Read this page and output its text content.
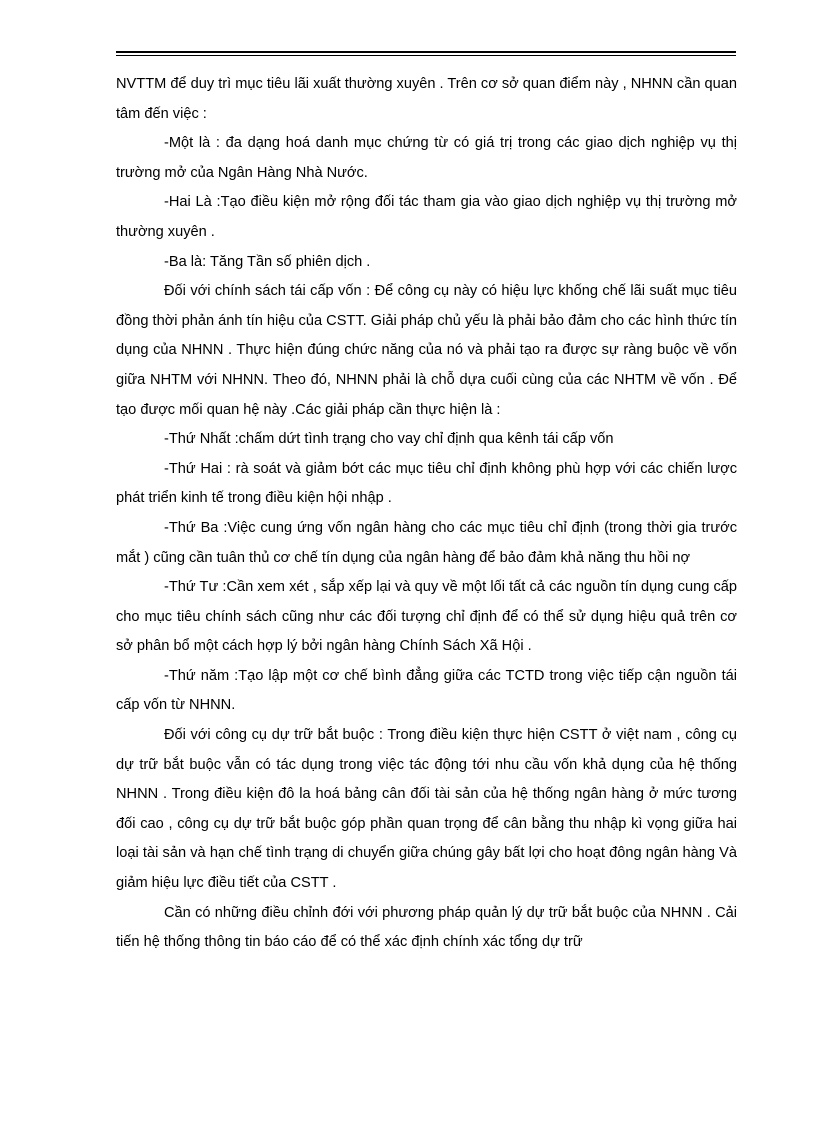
NVTTM để duy trì mục tiêu lãi xuất thường xuyên . Trên cơ sở quan điểm này , NHNN cần quan tâm đến việc :

-Một là : đa dạng hoá danh mục chứng từ có giá trị trong các giao dịch nghiệp vụ thị trường mở của Ngân Hàng Nhà Nước.

-Hai Là :Tạo điều kiện mở rộng đối tác tham gia vào giao dịch nghiệp vụ thị trường mở thường xuyên .

-Ba là: Tăng Tần số phiên dịch .

Đối với chính sách tái cấp vốn : Để công cụ này có hiệu lực khống chế lãi suất mục tiêu đồng thời phản ánh tín hiệu của CSTT. Giải pháp chủ yếu là phải bảo đảm cho các hình thức tín dụng của NHNN . Thực hiện đúng chức năng của nó và phải tạo ra được sự ràng buộc về vốn giữa NHTM với NHNN. Theo đó, NHNN phải là chỗ dựa cuối cùng của các NHTM về vốn . Để tạo được mối quan hệ này .Các giải pháp cần thực hiện là :

-Thứ Nhất :chấm dứt tình trạng cho vay chỉ định qua kênh tái cấp vốn

-Thứ Hai : rà soát và giảm bớt các mục tiêu chỉ định không phù hợp với các chiến lược phát triển kinh tế trong điều kiện hội nhập .

-Thứ Ba :Việc cung ứng vốn ngân hàng cho các mục tiêu chỉ định (trong thời gia trước mắt ) cũng cần tuân thủ cơ chế tín dụng của ngân hàng để bảo đảm khả năng thu hồi nợ

-Thứ Tư :Cần xem xét , sắp xếp lại và quy về một lối tất cả các nguồn tín dụng cung cấp cho mục tiêu chính sách cũng như các đối tượng chỉ định để có thể sử dụng hiệu quả trên cơ sở phân bổ một cách hợp lý bởi ngân hàng Chính Sách Xã Hội .

-Thứ năm :Tạo lập một cơ chế bình đẳng giữa các TCTD trong việc tiếp cận nguồn tái cấp vốn từ NHNN.

Đối với công cụ dự trữ bắt buộc : Trong điều kiện thực hiện CSTT ở việt nam , công cụ dự trữ bắt buộc vẫn có tác dụng trong việc tác động tới nhu cầu vốn khả dụng của hệ thống NHNN . Trong điều kiện đô la hoá bảng cân đối tài sản của hệ thống ngân hàng ở mức tương đối cao , công cụ dự trữ bắt buộc góp phần quan trọng để cân bằng thu nhập kì vọng giữa hai loại tài sản và hạn chế tình trạng di chuyển giữa chúng gây bất lợi cho hoạt đông ngân hàng Và giảm hiệu lực điều tiết của CSTT .

Cần có những điều chỉnh đới với phương pháp quản lý dự trữ bắt buộc của NHNN . Cải tiến hệ thống thông tin báo cáo để có thể xác định chính xác tổng dự trữ
